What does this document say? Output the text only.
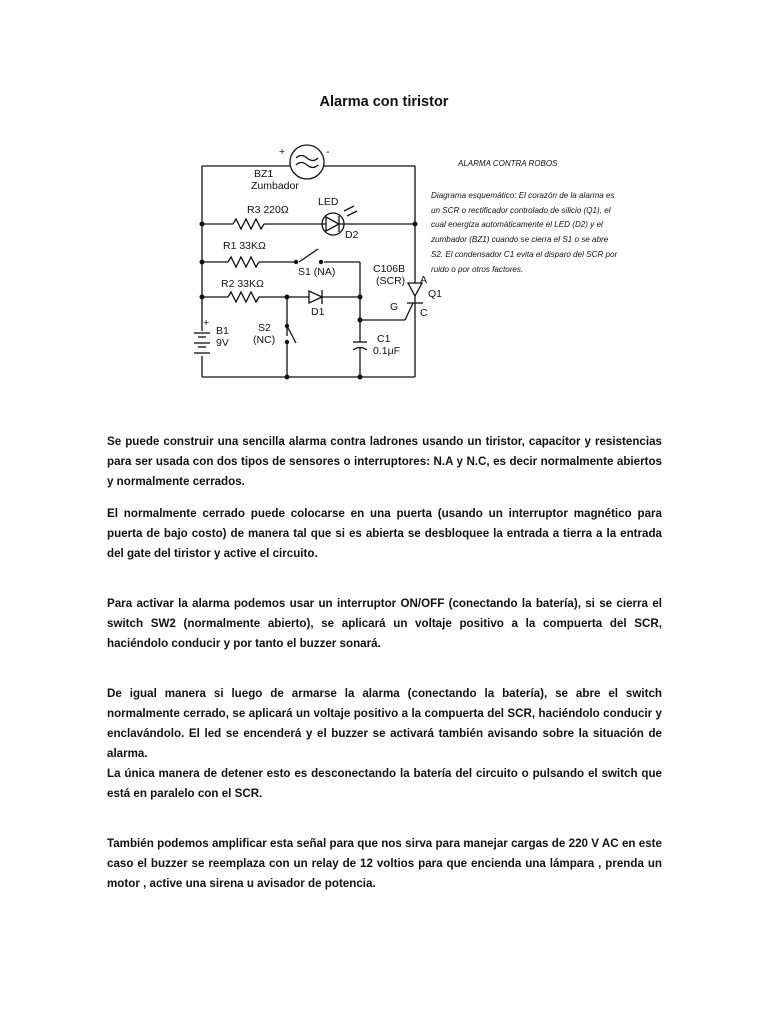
Alarma con tiristor
+	-
BZ1
Zumbador
LED
R3 220Ω
D2
R1 33KΩ
S1 (NA)	C106B
(SCR) A
Q1
R2 33KΩ
G C
D1
+
B1
9V
-
S2
(NC)	C1
0.1μF
ALARMA CONTRA ROBOS
Diagrama esquemático: El corazón de la alarma es un SCR o rectificador controlado de silicio (Q1), el cual energiza automáticamente el LED (D2) y el zumbador (BZ1) cuando se cierra el S1 o se abre S2. El condensador C1 evita el disparo del SCR por ruido o por otros factores.
Se puede construir una sencilla alarma contra ladrones usando un tiristor, capacitor y resistencias para ser usada con dos tipos de sensores o interruptores: N.A y N.C, es decir normalmente abiertos y normalmente cerrados.
El normalmente cerrado puede colocarse en una puerta (usando un interruptor magnético para puerta de bajo costo) de manera tal que si es abierta se desbloquee la entrada a tierra a la entrada del gate del tiristor y active el circuito.
Para activar la alarma podemos usar un interruptor ON/OFF (conectando la batería), si se cierra el switch SW2 (normalmente abierto), se aplicará un voltaje positivo a la compuerta del SCR, haciéndolo conducir y por tanto el buzzer sonará.
De igual manera si luego de armarse la alarma (conectando la batería), se abre el switch normalmente cerrado, se aplicará un voltaje positivo a la compuerta del SCR, haciéndolo conducir y enclavándolo. El led se encenderá y el buzzer se activará también avisando sobre la situación de alarma.
La única manera de detener esto es desconectando la batería del circuito o pulsando el switch que está en paralelo con el SCR.
También podemos amplificar esta señal para que nos sirva para manejar cargas de 220 V AC en este caso el buzzer se reemplaza con un relay de 12 voltios para que encienda una lámpara , prenda un motor , active una sirena u avisador de potencia.
